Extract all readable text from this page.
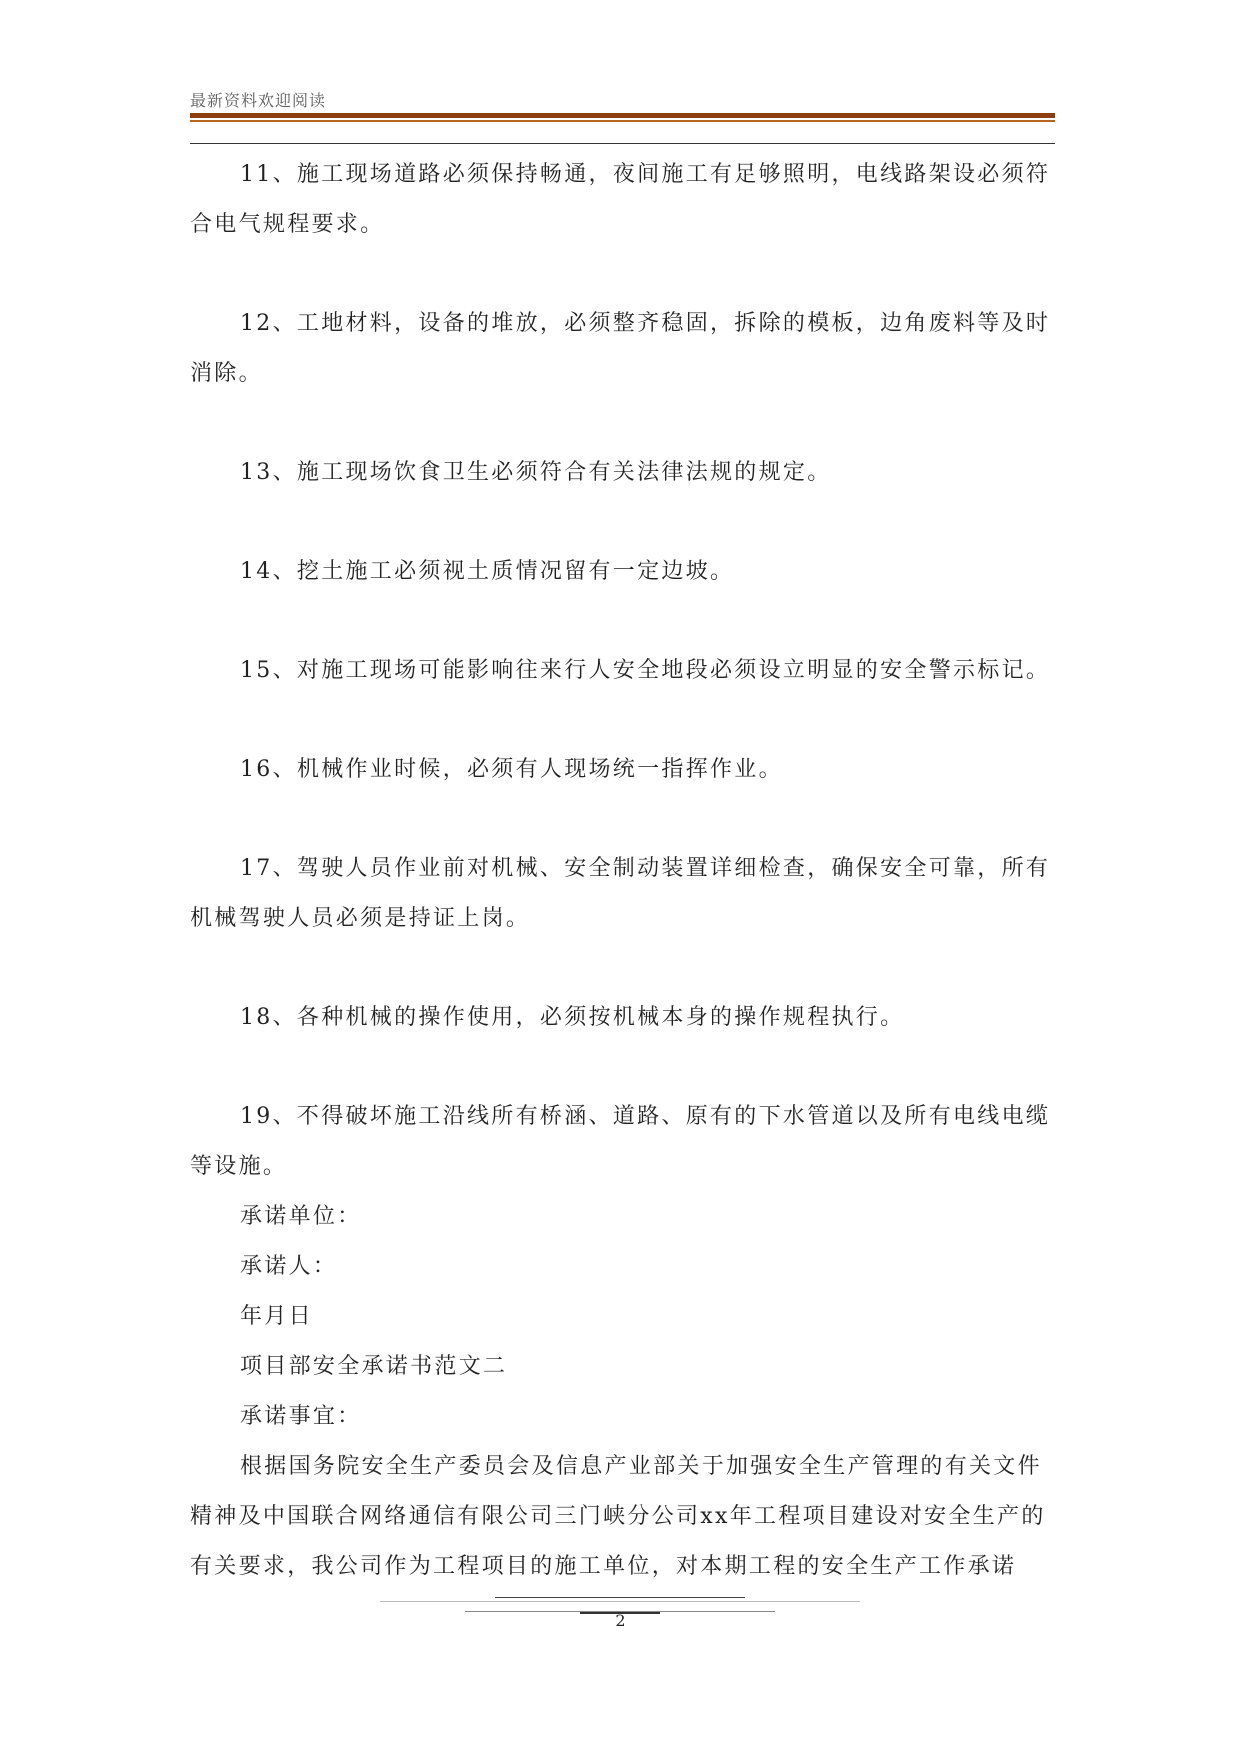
最新资料欢迎阅读

11、施工现场道路必须保持畅通，夜间施工有足够照明，电线路架设必须符合电气规程要求。

12、工地材料，设备的堆放，必须整齐稳固，拆除的模板，边角废料等及时消除。

13、施工现场饮食卫生必须符合有关法律法规的规定。

14、挖土施工必须视土质情况留有一定边坡。

15、对施工现场可能影响往来行人安全地段必须设立明显的安全警示标记。

16、机械作业时候，必须有人现场统一指挥作业。

17、驾驶人员作业前对机械、安全制动装置详细检查，确保安全可靠，所有机械驾驶人员必须是持证上岗。

18、各种机械的操作使用，必须按机械本身的操作规程执行。

19、不得破坏施工沿线所有桥涵、道路、原有的下水管道以及所有电线电缆等设施。

承诺单位：

承诺人：

年月日

项目部安全承诺书范文二

承诺事宜：

根据国务院安全生产委员会及信息产业部关于加强安全生产管理的有关文件精神及中国联合网络通信有限公司三门峡分公司xx年工程项目建设对安全生产的有关要求，我公司作为工程项目的施工单位，对本期工程的安全生产工作承诺

2
